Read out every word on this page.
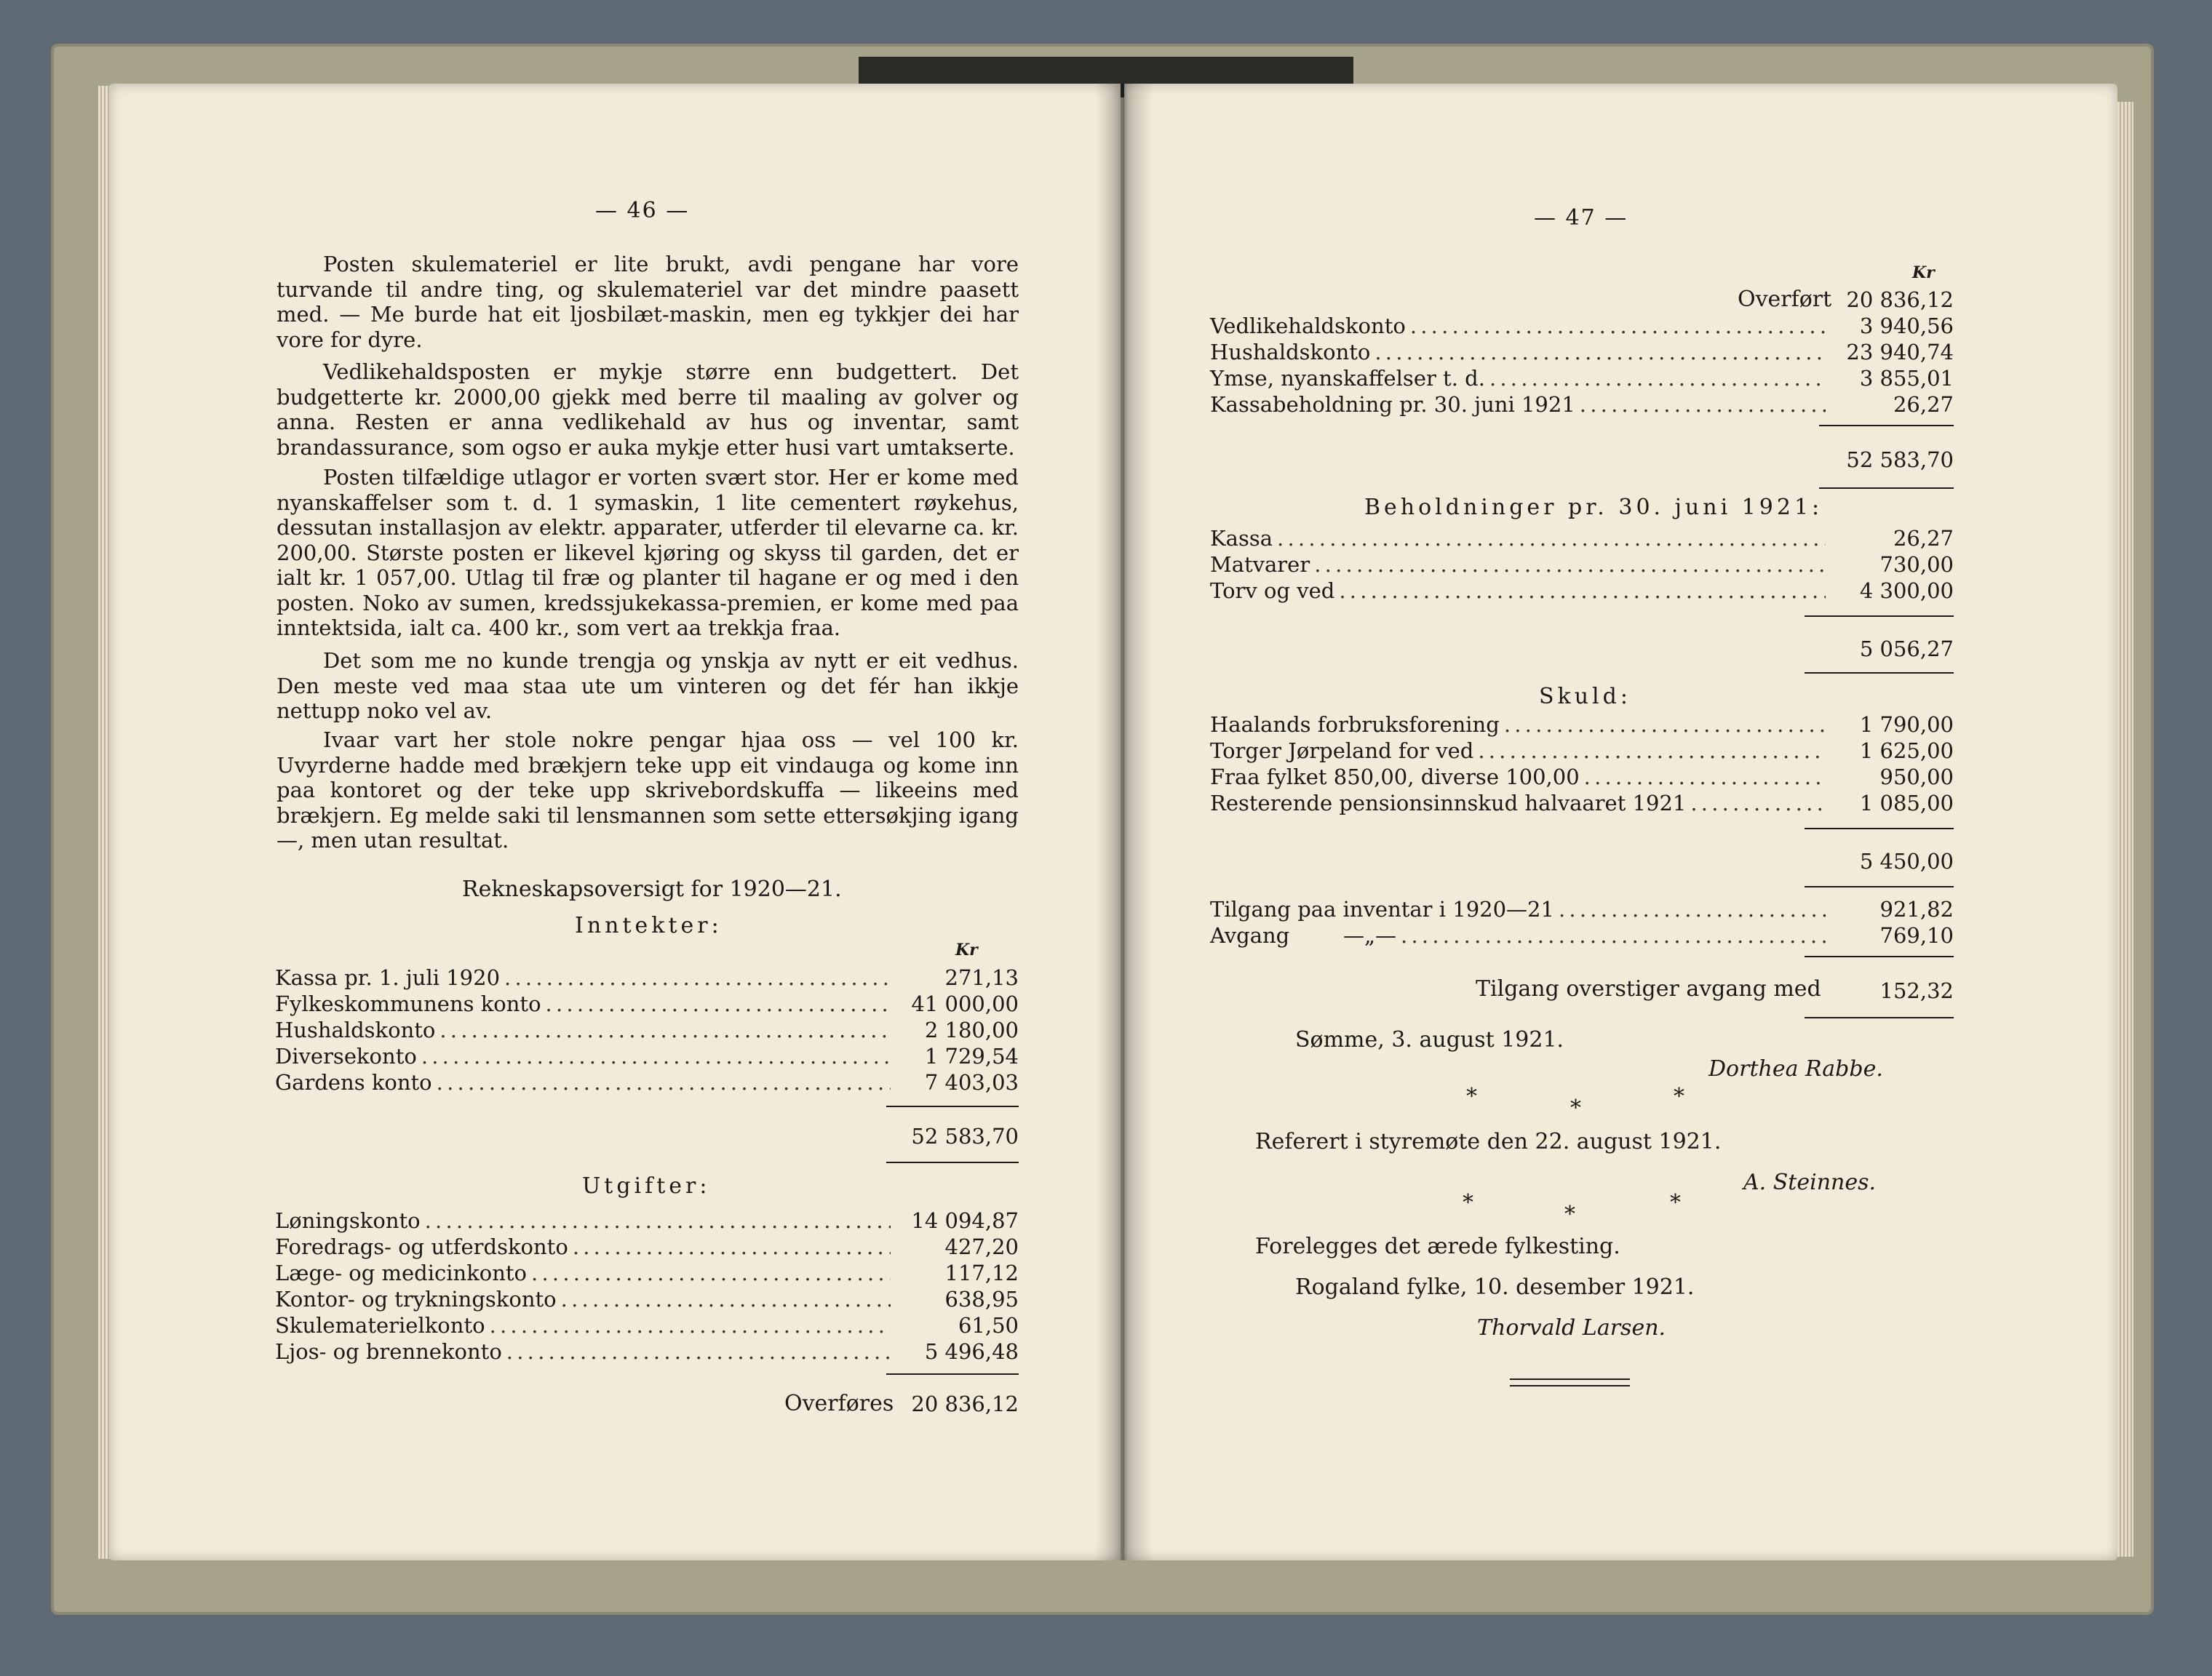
— 46 —

Posten skulemateriel er lite brukt, avdi pengane har vore turvande til andre ting, og skulemateriel var det mindre paasett med. — Me burde hat eit ljosbilæt-maskin, men eg tykkjer dei har vore for dyre.

Vedlikehaldsposten er mykje større enn budgettert. Det budgetterte kr. 2000,00 gjekk med berre til maaling av golver og anna. Resten er anna vedlikehald av hus og inventar, samt brandassurance, som ogso er auka mykje etter husi vart umtakserte.

Posten tilfældige utlagor er vorten svært stor. Her er kome med nyanskaffelser som t. d. 1 symaskin, 1 lite cementert røykehus, dessutan installasjon av elektr. apparater, utferder til elevarne ca. kr. 200,00. Største posten er likevel kjøring og skyss til garden, det er ialt kr. 1 057,00. Utlag til fræ og planter til hagane er og med i den posten. Noko av sumen, kredssjukekassa-premien, er kome med paa inntektsida, ialt ca. 400 kr., som vert aa trekkja fraa.

Det som me no kunde trengja og ynskja av nytt er eit vedhus. Den meste ved maa staa ute um vinteren og det fér han ikkje nettupp noko vel av.

Ivaar vart her stole nokre pengar hjaa oss — vel 100 kr. Uvyrderne hadde med brækjern teke upp eit vindauga og kome inn paa kontoret og der teke upp skrivebordskuffa — likeeins med brækjern. Eg melde saki til lensmannen som sette ettersøkjing igang —, men utan resultat.

Rekneskapsoversigt for 1920—21.
Inntekter:
Kr
Kassa pr. 1. juli 1920 . . .	271,13
Fylkeskommunens konto . . .	41 000,00
Hushaldskonto . . .	2 180,00
Diversekonto . . .	1 729,54
Gardens konto . . .	7 403,03
52 583,70
Utgifter:
Løningskonto . . .	14 094,87
Foredrags- og utferdskonto . . .	427,20
Læge- og medicinkonto . . .	117,12
Kontor- og trykningskonto . . .	638,95
Skulematerielkonto . . .	61,50
Ljos- og brennekonto . . .	5 496,48
Overføres 20 836,12
— 47 —
Kr
Overført 20 836,12
Vedlikehaldskonto . . .	3 940,56
Hushaldskonto . . .	23 940,74
Ymse, nyanskaffelser t. d. . . .	3 855,01
Kassabeholdning pr. 30. juni 1921 . . .	26,27
52 583,70
Beholdninger pr. 30. juni 1921:
Kassa . . .	26,27
Matvarer . . .	730,00
Torv og ved . . .	4 300,00
5 056,27
Skuld:
Haalands forbruksforening . . .	1 790,00
Torger Jørpeland for ved . . .	1 625,00
Fraa fylket 850,00, diverse 100,00 . . .	950,00
Resterende pensionsinnskud halvaaret 1921 . . .	1 085,00
5 450,00
Tilgang paa inventar i 1920—21 . . .	921,82
Avgang        —„— . . .	769,10
Tilgang overstiger avgang med	152,32
Sømme, 3. august 1921.
Dorthea Rabbe.
*	*	*
Referert i styremøte den 22. august 1921.
A. Steinnes.
*	*	*
Forelegges det ærede fylkesting.
Rogaland fylke, 10. desember 1921.
Thorvald Larsen.
